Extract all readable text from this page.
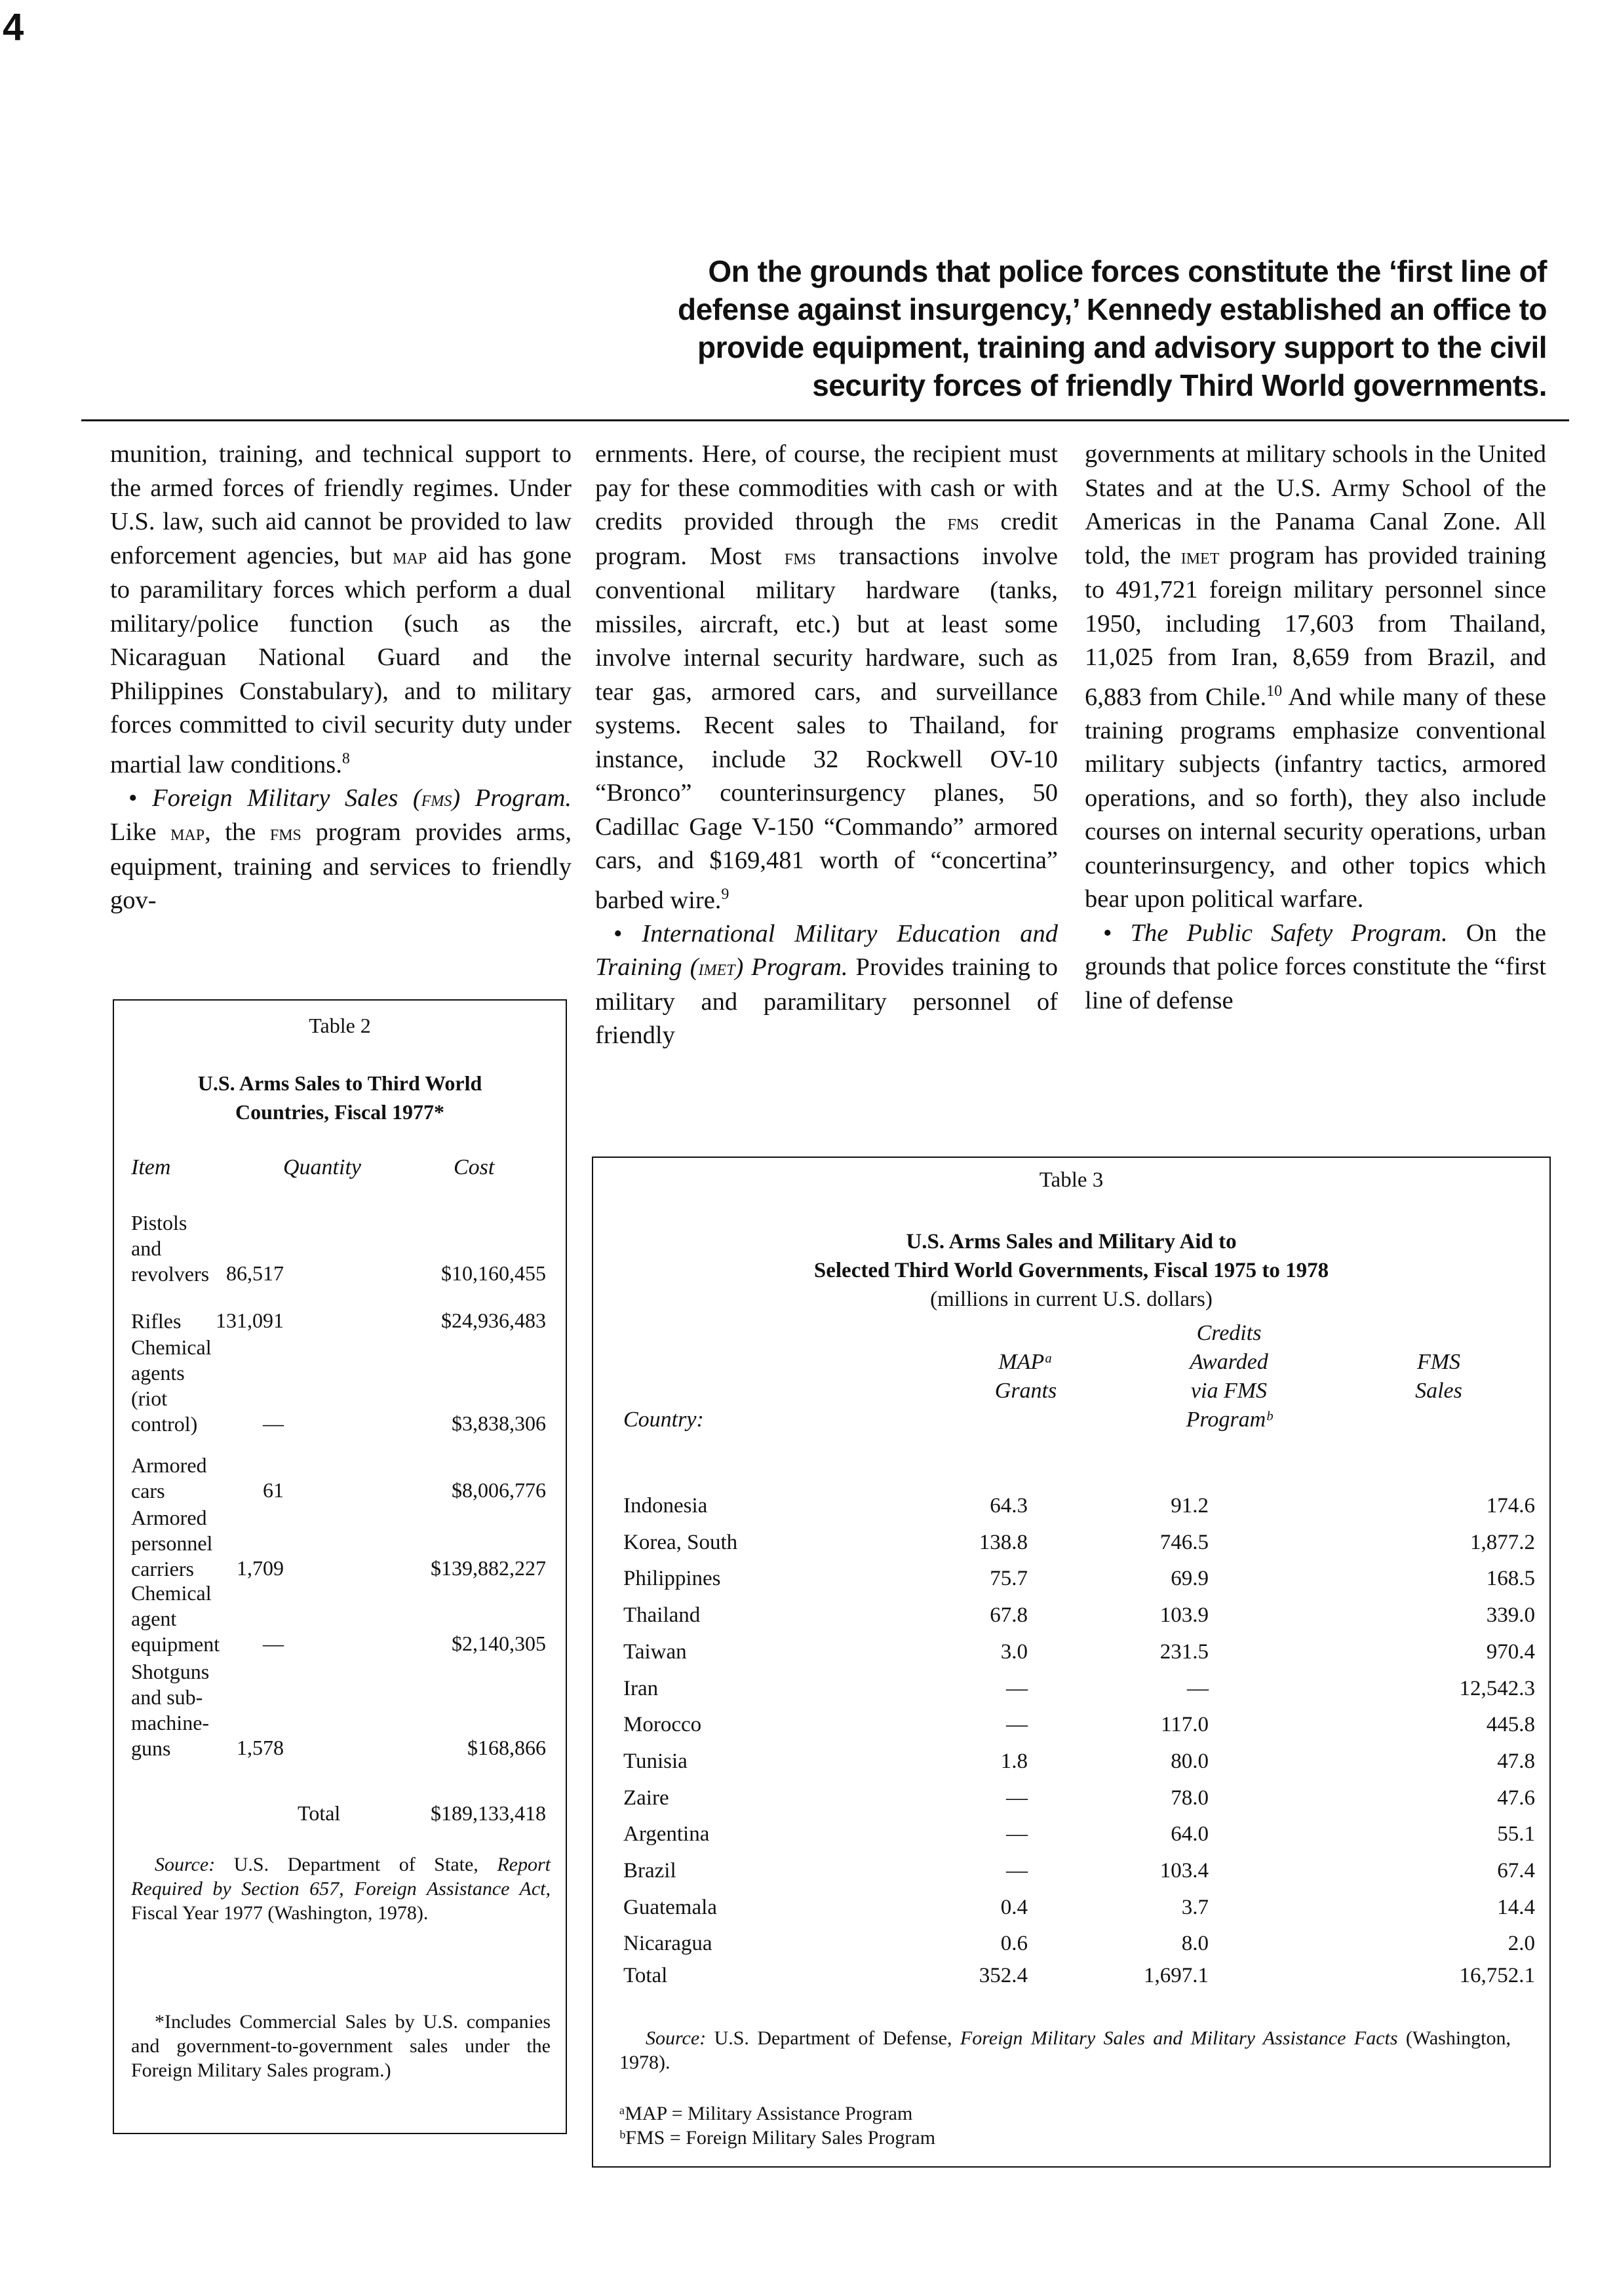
4
On the grounds that police forces constitute the ‘first line of defense against insurgency,’ Kennedy established an office to provide equipment, training and advisory support to the civil security forces of friendly Third World governments.

munition, training, and technical support to the armed forces of friendly regimes. Under U.S. law, such aid cannot be provided to law enforcement agencies, but map aid has gone to paramilitary forces which perform a dual military/police function (such as the Nicaraguan National Guard and the Philippines Constabulary), and to military forces committed to civil security duty under martial law conditions.$^8$

• Foreign Military Sales (fms) Program. Like map, the fms program provides arms, equipment, training and services to friendly gov-

ernments. Here, of course, the recipient must pay for these commodities with cash or with credits provided through the fms credit program. Most fms transactions involve conventional military hardware (tanks, missiles, aircraft, etc.) but at least some involve internal security hardware, such as tear gas, armored cars, and surveillance systems. Recent sales to Thailand, for instance, include 32 Rockwell OV-10 “Bronco” counterinsurgency planes, 50 Cadillac Gage V-150 “Commando” armored cars, and $169,481 worth of “concertina” barbed wire.$^9$

• International Military Education and Training (imet) Program. Provides training to military and paramilitary personnel of friendly

governments at military schools in the United States and at the U.S. Army School of the Americas in the Panama Canal Zone. All told, the imet program has provided training to 491,721 foreign military personnel since 1950, including 17,603 from Thailand, 11,025 from Iran, 8,659 from Brazil, and 6,883 from Chile.$^{10}$ And while many of these training programs emphasize conventional military subjects (infantry tactics, armored operations, and so forth), they also include courses on internal security operations, urban counterinsurgency, and other topics which bear upon political warfare.

• The Public Safety Program. On the grounds that police forces constitute the “first line of defense

Table 2
U.S. Arms Sales to Third World
Countries, Fiscal 1977*
Item	Quantity	Cost
Pistols
and
revolvers 86,517	$10,160,455
Rifles 131,091	$24,936,483
Chemical
agents
(riot
control)	—	$3,838,306
Armored
cars	61	$8,006,776
Armored
personnel
carriers	1,709	$139,882,227
Chemical
agent
equipment —	$2,140,305
Shotguns
and sub-
machine-
guns	1,578	$168,866
Total	$189,133,418
Source: U.S. Department of State, Report Required by Section 657, Foreign Assistance Act, Fiscal Year 1977 (Washington, 1978).
*Includes Commercial Sales by U.S. companies and government-to-government sales under the Foreign Military Sales program.)
Table 3
U.S. Arms Sales and Military Aid to
Selected Third World Governments, Fiscal 1975 to 1978
(millions in current U.S. dollars)
Country:
MAPᵃ
Grants
Credits
Awarded
via FMS
Programᵇ
FMS
Sales
Indonesia	64.3	91.2	174.6
Korea, South	138.8	746.5	1,877.2
Philippines	75.7	69.9	168.5
Thailand	67.8	103.9	339.0
Taiwan	3.0	231.5	970.4
Iran	—	—	12,542.3
Morocco	—	117.0	445.8
Tunisia	1.8	80.0	47.8
Zaire	—	78.0	47.6
Argentina	—	64.0	55.1
Brazil	—	103.4	67.4
Guatemala	0.4	3.7	14.4
Nicaragua	0.6	8.0	2.0
Total	352.4	1,697.1	16,752.1
Source: U.S. Department of Defense, Foreign Military Sales and Military Assistance Facts (Washington, 1978).
ᵃMAP = Military Assistance Program
ᵇFMS = Foreign Military Sales Program
